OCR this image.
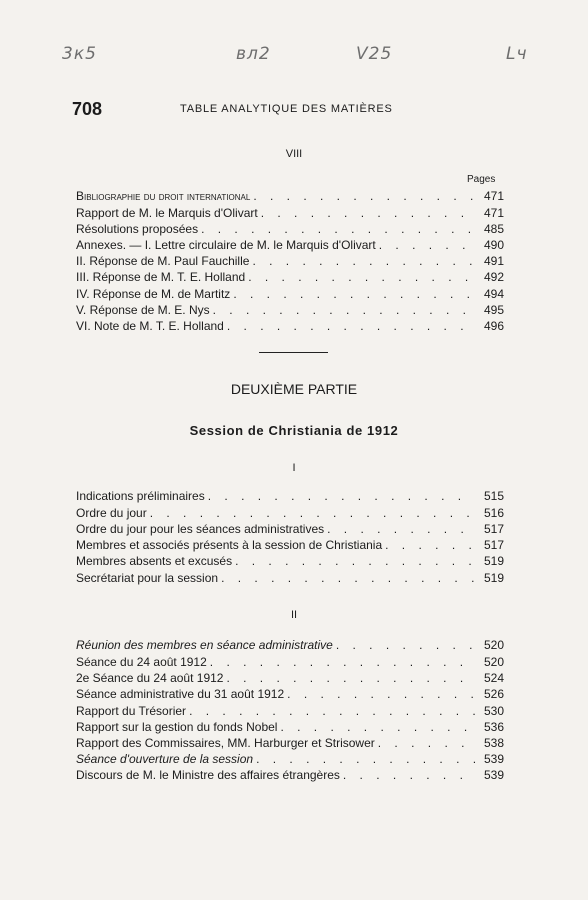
3к5	вл2	V25	Lч
708	TABLE ANALYTIQUE DES MATIÈRES
VIII
Pages
Bibliographie du droit international . . .	471
Rapport de M. le Marquis d'Olivart . . .	471
Résolutions proposées . . .	485
Annexes. — I. Lettre circulaire de M. le Marquis d'Olivart . . .	490
II. Réponse de M. Paul Fauchille . . .	491
III. Réponse de M. T. E. Holland . . .	492
IV. Réponse de M. de Martitz . . .	494
V. Réponse de M. E. Nys . . .	495
VI. Note de M. T. E. Holland . . .	496
DEUXIÈME PARTIE
Session de Christiania de 1912
I
Indications préliminaires . . .	515
Ordre du jour . . .	516
Ordre du jour pour les séances administratives . . .	517
Membres et associés présents à la session de Christiania . . .	517
Membres absents et excusés . . .	519
Secrétariat pour la session . . .	519
II
Réunion des membres en séance administrative . . .	520
Séance du 24 août 1912 . . .	520
2e Séance du 24 août 1912 . . .	524
Séance administrative du 31 août 1912 . . .	526
Rapport du Trésorier . . .	530
Rapport sur la gestion du fonds Nobel . . .	536
Rapport des Commissaires, MM. Harburger et Strisower . . .	538
Séance d'ouverture de la session . . .	539
Discours de M. le Ministre des affaires étrangères . . .	539
